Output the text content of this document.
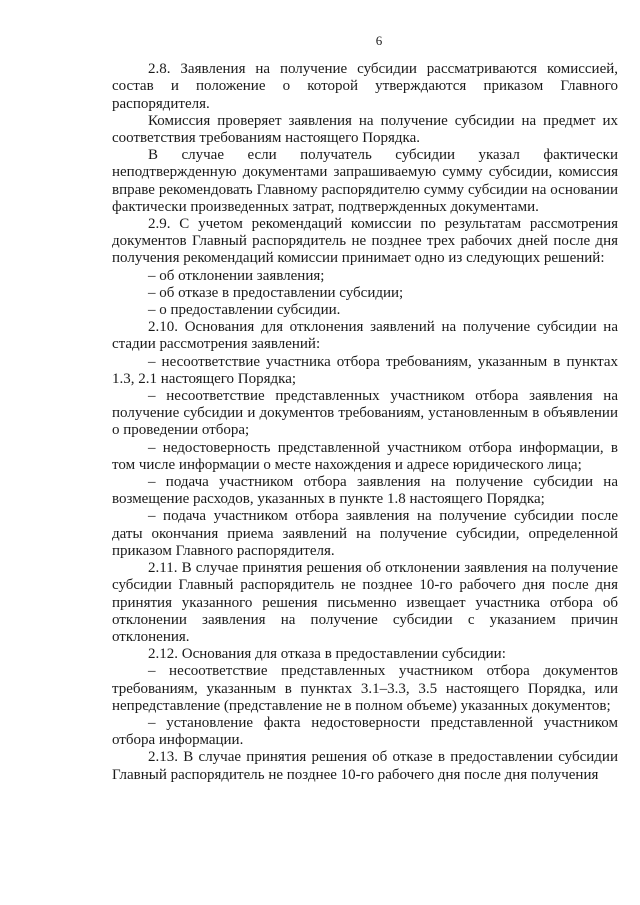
6

2.8. Заявления на получение субсидии рассматриваются комиссией, состав и положение о которой утверждаются приказом Главного распорядителя.

Комиссия проверяет заявления на получение субсидии на предмет их соответствия требованиям настоящего Порядка.

В случае если получатель субсидии указал фактически неподтвержденную документами запрашиваемую сумму субсидии, комиссия вправе рекомендовать Главному распорядителю сумму субсидии на основании фактически произведенных затрат, подтвержденных документами.

2.9. С учетом рекомендаций комиссии по результатам рассмотрения документов Главный распорядитель не позднее трех рабочих дней после дня получения рекомендаций комиссии принимает одно из следующих решений:

– об отклонении заявления;

– об отказе в предоставлении субсидии;

– о предоставлении субсидии.

2.10. Основания для отклонения заявлений на получение субсидии на стадии рассмотрения заявлений:

– несоответствие участника отбора требованиям, указанным в пунктах 1.3, 2.1 настоящего Порядка;

– несоответствие представленных участником отбора заявления на получение субсидии и документов требованиям, установленным в объявлении о проведении отбора;

– недостоверность представленной участником отбора информации, в том числе информации о месте нахождения и адресе юридического лица;

– подача участником отбора заявления на получение субсидии на возмещение расходов, указанных в пункте 1.8 настоящего Порядка;

– подача участником отбора заявления на получение субсидии после даты окончания приема заявлений на получение субсидии, определенной приказом Главного распорядителя.

2.11. В случае принятия решения об отклонении заявления на получение субсидии Главный распорядитель не позднее 10-го рабочего дня после дня принятия указанного решения письменно извещает участника отбора об отклонении заявления на получение субсидии с указанием причин отклонения.

2.12. Основания для отказа в предоставлении субсидии:

– несоответствие представленных участником отбора документов требованиям, указанным в пунктах 3.1–3.3, 3.5 настоящего Порядка, или непредставление (представление не в полном объеме) указанных документов;

– установление факта недостоверности представленной участником отбора информации.

2.13. В случае принятия решения об отказе в предоставлении субсидии Главный распорядитель не позднее 10-го рабочего дня после дня получения
